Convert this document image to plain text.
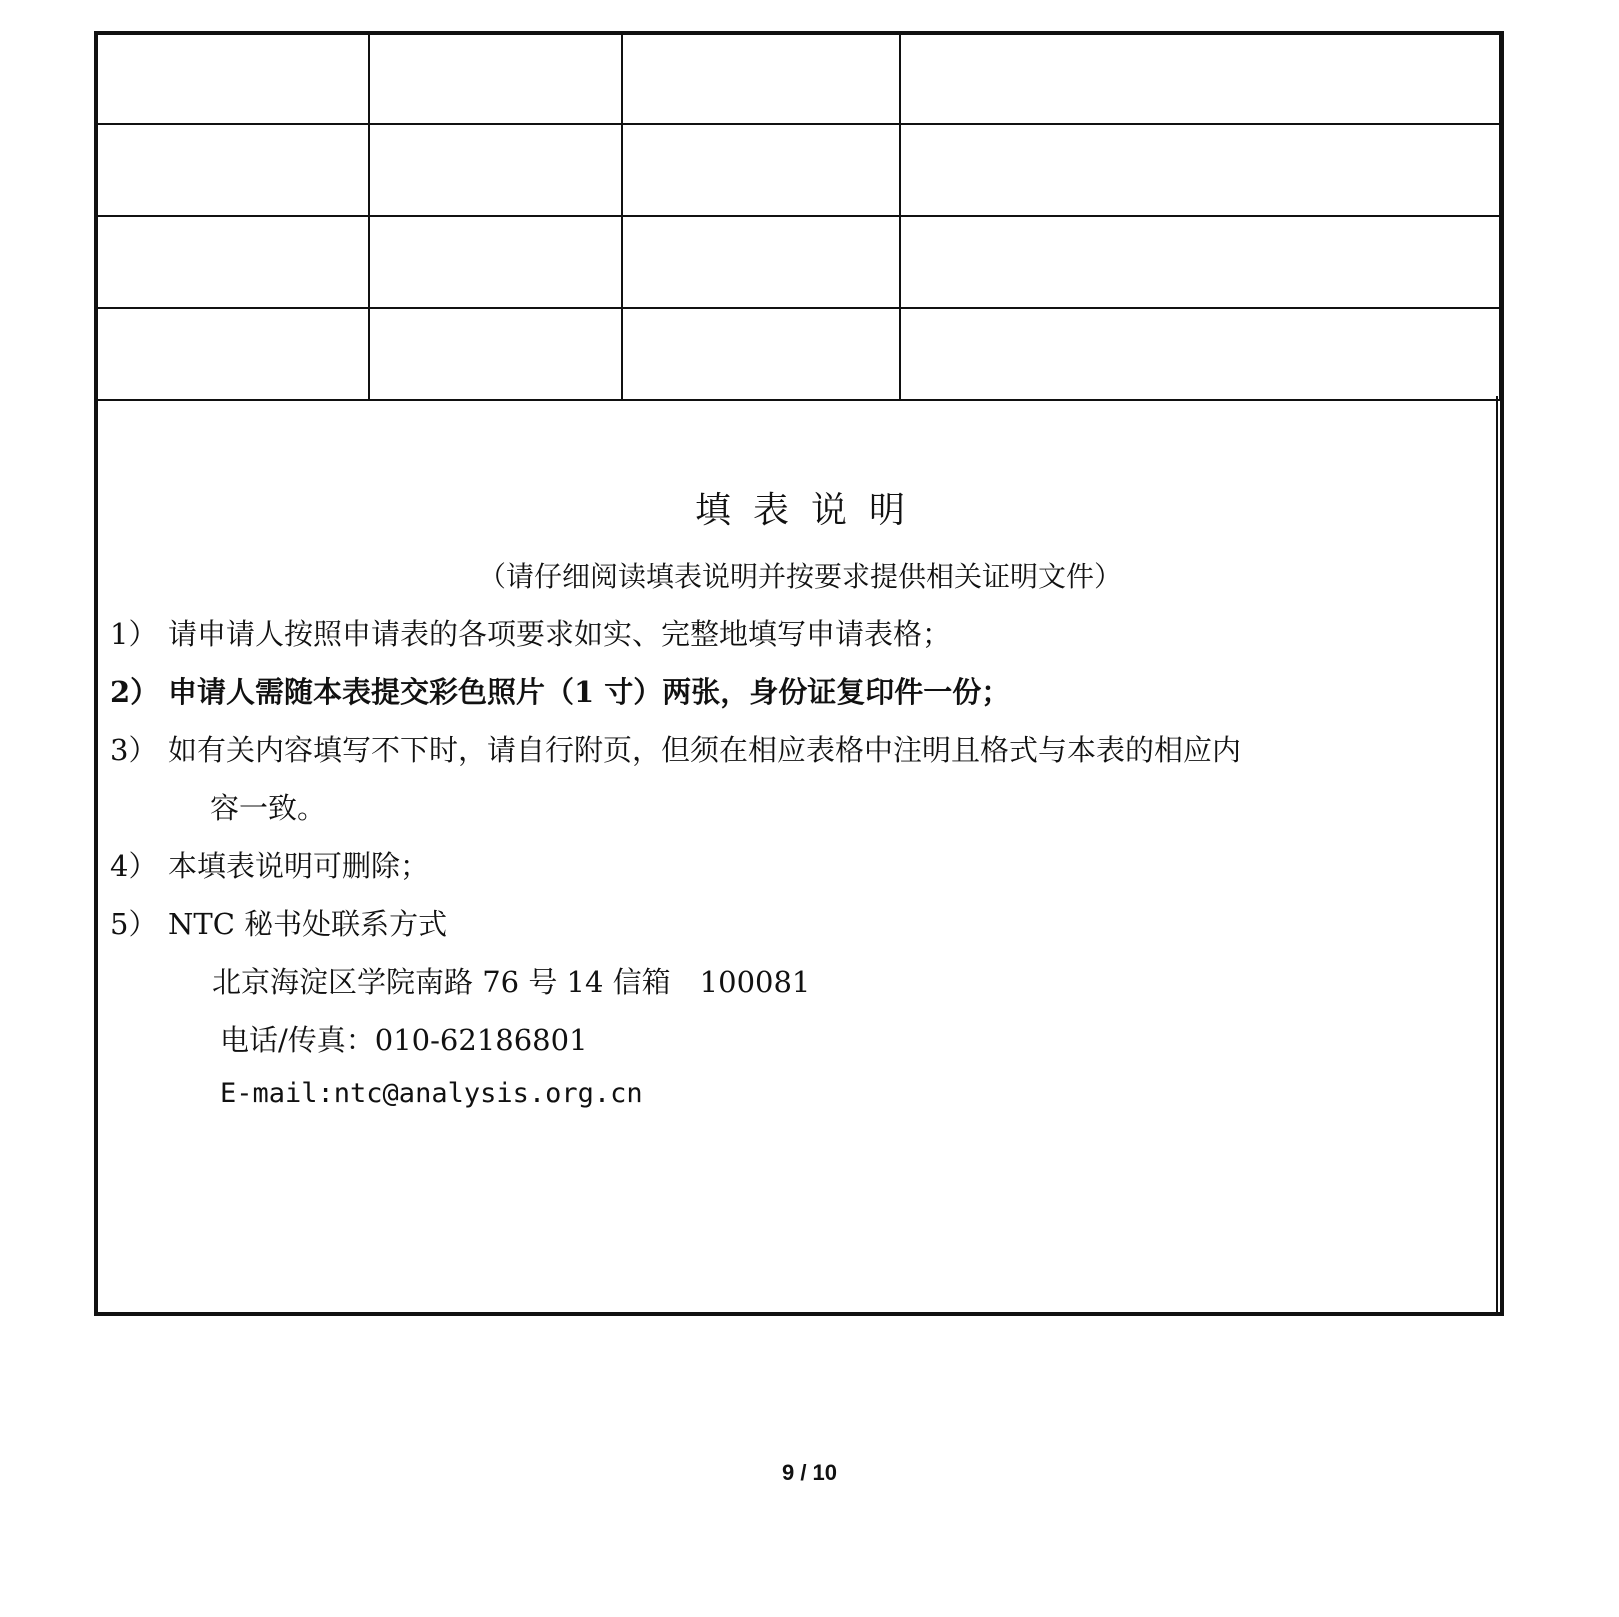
填表说明
（请仔细阅读填表说明并按要求提供相关证明文件）
1） 请申请人按照申请表的各项要求如实、完整地填写申请表格；
2） 申请人需随本表提交彩色照片（1 寸）两张，身份证复印件一份；
3） 如有关内容填写不下时，请自行附页，但须在相应表格中注明且格式与本表的相应内
容一致。
4） 本填表说明可删除；
5） NTC 秘书处联系方式
北京海淀区学院南路 76 号 14 信箱　100081
电话/传真：010-62186801
E-mail:ntc@analysis.org.cn
9 / 10
